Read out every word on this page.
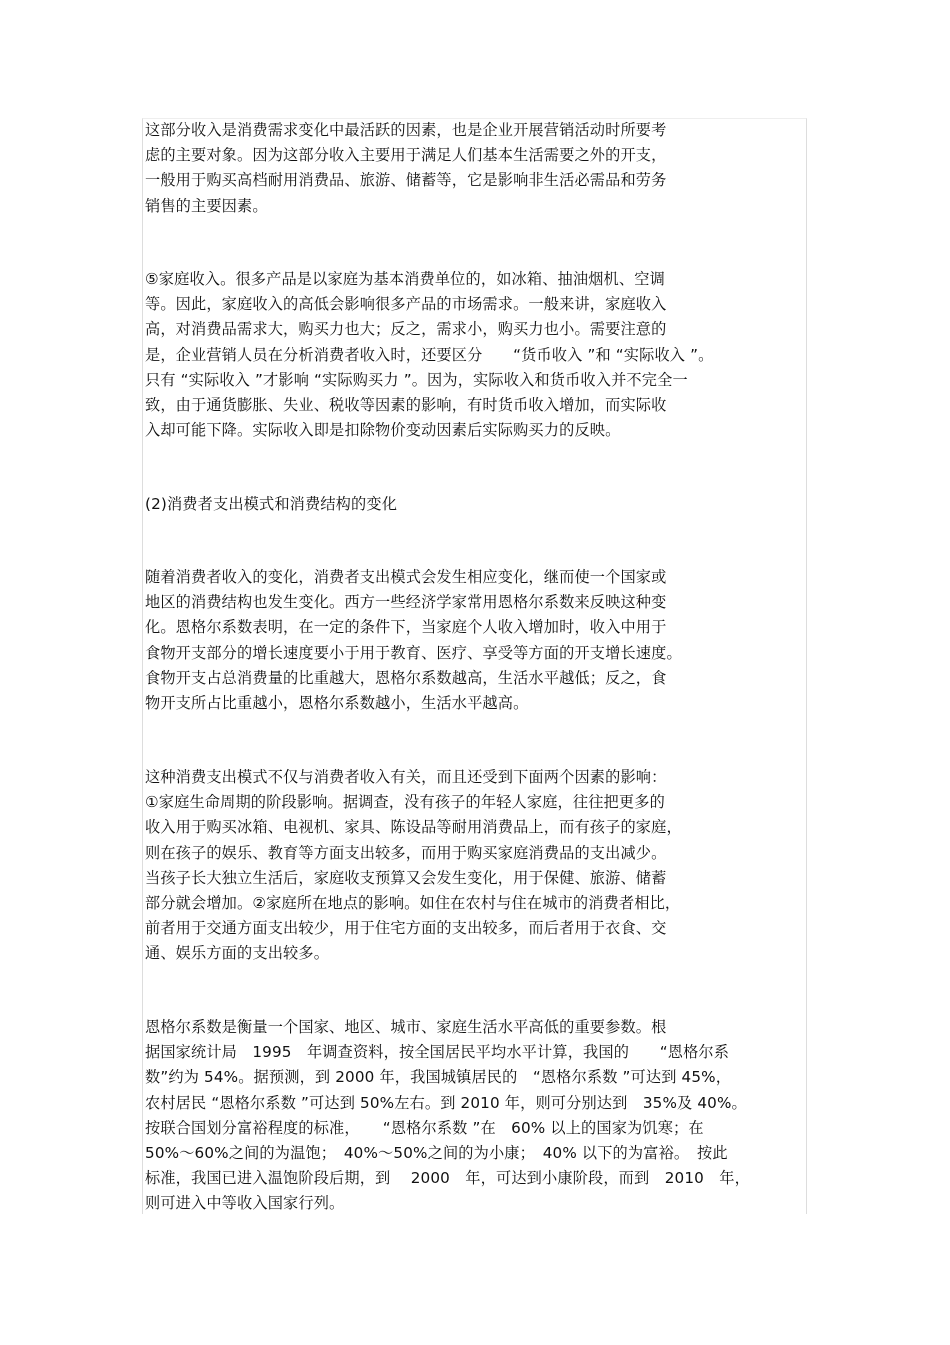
这部分收入是消费需求变化中最活跃的因素，也是企业开展营销活动时所要考
虑的主要对象。因为这部分收入主要用于满足人们基本生活需要之外的开支，
一般用于购买高档耐用消费品、旅游、储蓄等，它是影响非生活必需品和劳务
销售的主要因素。
⑤家庭收入。很多产品是以家庭为基本消费单位的，如冰箱、抽油烟机、空调
等。因此，家庭收入的高低会影响很多产品的市场需求。一般来讲，家庭收入
高，对消费品需求大，购买力也大；反之，需求小，购买力也小。需要注意的
是，企业营销人员在分析消费者收入时，还要区分　　“货币收入 ”和 “实际收入 ”。
只有 “实际收入 ”才影响 “实际购买力 ”。因为，实际收入和货币收入并不完全一
致，由于通货膨胀、失业、税收等因素的影响，有时货币收入增加，而实际收
入却可能下降。实际收入即是扣除物价变动因素后实际购买力的反映。
(2)消费者支出模式和消费结构的变化
随着消费者收入的变化，消费者支出模式会发生相应变化，继而使一个国家或
地区的消费结构也发生变化。西方一些经济学家常用恩格尔系数来反映这种变
化。恩格尔系数表明，在一定的条件下，当家庭个人收入增加时，收入中用于
食物开支部分的增长速度要小于用于教育、医疗、享受等方面的开支增长速度。
食物开支占总消费量的比重越大，恩格尔系数越高，生活水平越低；反之，食
物开支所占比重越小，恩格尔系数越小，生活水平越高。
这种消费支出模式不仅与消费者收入有关，而且还受到下面两个因素的影响：
①家庭生命周期的阶段影响。据调查，没有孩子的年轻人家庭，往往把更多的
收入用于购买冰箱、电视机、家具、陈设品等耐用消费品上，而有孩子的家庭，
则在孩子的娱乐、教育等方面支出较多，而用于购买家庭消费品的支出减少。
当孩子长大独立生活后，家庭收支预算又会发生变化，用于保健、旅游、储蓄
部分就会增加。②家庭所在地点的影响。如住在农村与住在城市的消费者相比，
前者用于交通方面支出较少，用于住宅方面的支出较多，而后者用于衣食、交
通、娱乐方面的支出较多。
恩格尔系数是衡量一个国家、地区、城市、家庭生活水平高低的重要参数。根
据国家统计局　1995　年调查资料，按全国居民平均水平计算，我国的　　“恩格尔系
数”约为 54%。据预测，到 2000 年，我国城镇居民的　“恩格尔系数 ”可达到 45%，
农村居民 “恩格尔系数 ”可达到 50%左右。到 2010 年，则可分别达到　35%及 40%。
按联合国划分富裕程度的标准，　　“恩格尔系数 ”在　60% 以上的国家为饥寒；在
50%～60%之间的为温饱；　40%～50%之间的为小康；　40% 以下的为富裕。　按此
标准，我国已进入温饱阶段后期，到　 2000　年，可达到小康阶段，而到　2010　年，
则可进入中等收入国家行列。
